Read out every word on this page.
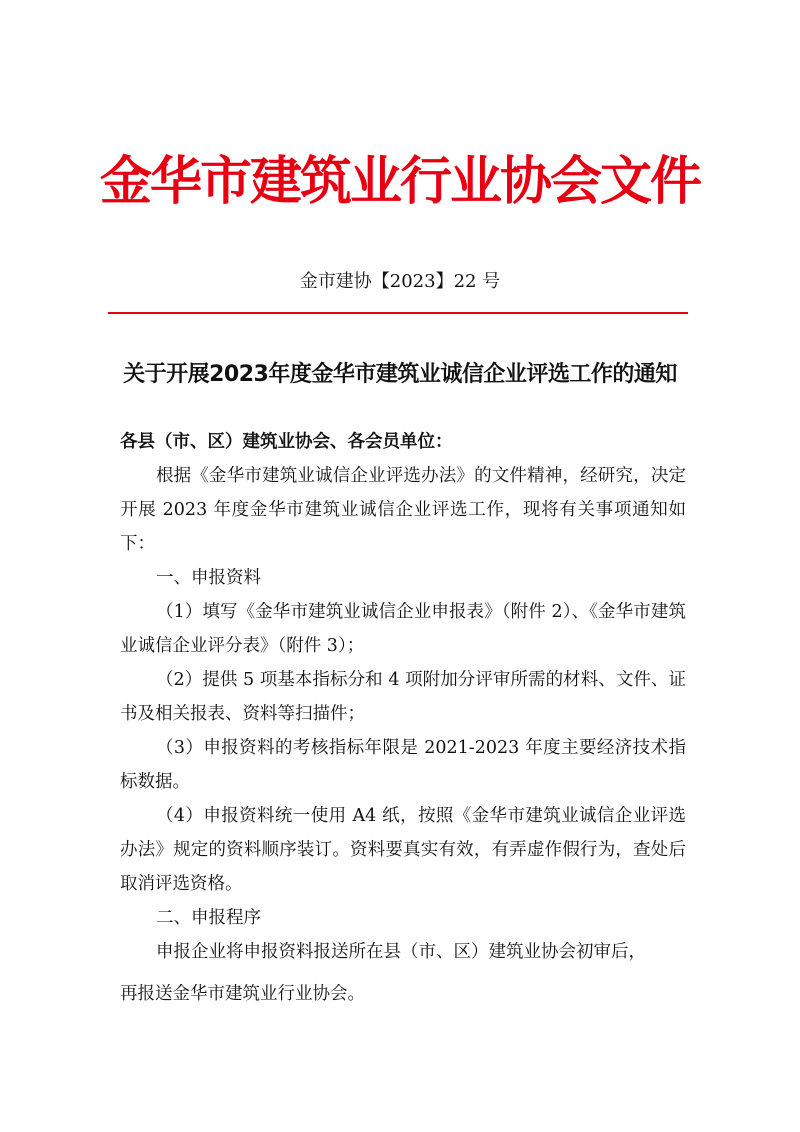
金华市建筑业行业协会文件
金市建协【2023】22 号
关于开展2023年度金华市建筑业诚信企业评选工作的通知

各县（市、区）建筑业协会、各会员单位：

根据《金华市建筑业诚信企业评选办法》的文件精神，经研究，决定开展 2023 年度金华市建筑业诚信企业评选工作，现将有关事项通知如下：

一、申报资料

（1）填写《金华市建筑业诚信企业申报表》（附件 2）、《金华市建筑业诚信企业评分表》（附件 3）；

（2）提供 5 项基本指标分和 4 项附加分评审所需的材料、文件、证书及相关报表、资料等扫描件；

（3）申报资料的考核指标年限是 2021-2023 年度主要经济技术指标数据。

（4）申报资料统一使用 A4 纸，按照《金华市建筑业诚信企业评选办法》规定的资料顺序装订。资料要真实有效，有弄虚作假行为，查处后取消评选资格。

二、申报程序

申报企业将申报资料报送所在县（市、区）建筑业协会初审后，

再报送金华市建筑业行业协会。
